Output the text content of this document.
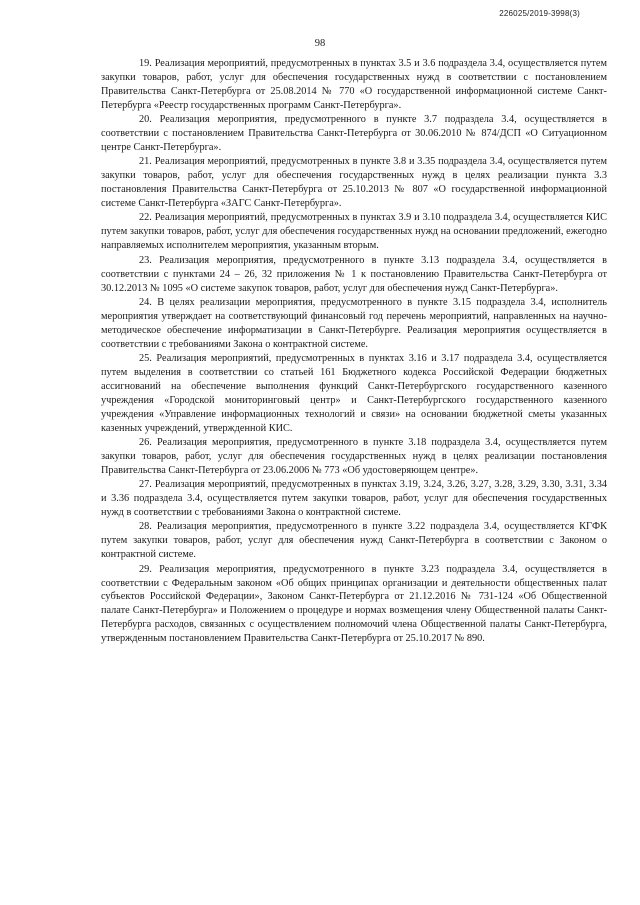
226025/2019-3998(3)
98

19. Реализация мероприятий, предусмотренных в пунктах 3.5 и 3.6 подраздела 3.4, осуществляется путем закупки товаров, работ, услуг для обеспечения государственных нужд в соответствии с постановлением Правительства Санкт-Петербурга от 25.08.2014 № 770 «О государственной информационной системе Санкт-Петербурга «Реестр государственных программ Санкт-Петербурга».

20. Реализация мероприятия, предусмотренного в пункте 3.7 подраздела 3.4, осуществляется в соответствии с постановлением Правительства Санкт-Петербурга от 30.06.2010 № 874/ДСП «О Ситуационном центре Санкт-Петербурга».

21. Реализация мероприятий, предусмотренных в пункте 3.8 и 3.35 подраздела 3.4, осуществляется путем закупки товаров, работ, услуг для обеспечения государственных нужд в целях реализации пункта 3.3 постановления Правительства Санкт-Петербурга от 25.10.2013 № 807 «О государственной информационной системе Санкт-Петербурга «ЗАГС Санкт-Петербурга».

22. Реализация мероприятий, предусмотренных в пунктах 3.9 и 3.10 подраздела 3.4, осуществляется КИС путем закупки товаров, работ, услуг для обеспечения государственных нужд на основании предложений, ежегодно направляемых исполнителем мероприятия, указанным вторым.

23. Реализация мероприятия, предусмотренного в пункте 3.13 подраздела 3.4, осуществляется в соответствии с пунктами 24 – 26, 32 приложения № 1 к постановлению Правительства Санкт-Петербурга от 30.12.2013 № 1095 «О системе закупок товаров, работ, услуг для обеспечения нужд Санкт-Петербурга».

24. В целях реализации мероприятия, предусмотренного в пункте 3.15 подраздела 3.4, исполнитель мероприятия утверждает на соответствующий финансовый год перечень мероприятий, направленных на научно-методическое обеспечение информатизации в Санкт-Петербурге. Реализация мероприятия осуществляется в соответствии с требованиями Закона о контрактной системе.

25. Реализация мероприятий, предусмотренных в пунктах 3.16 и 3.17 подраздела 3.4, осуществляется путем выделения в соответствии со статьей 161 Бюджетного кодекса Российской Федерации бюджетных ассигнований на обеспечение выполнения функций Санкт-Петербургского государственного казенного учреждения «Городской мониторинговый центр» и Санкт-Петербургского государственного казенного учреждения «Управление информационных технологий и связи» на основании бюджетной сметы указанных казенных учреждений, утвержденной КИС.

26. Реализация мероприятия, предусмотренного в пункте 3.18 подраздела 3.4, осуществляется путем закупки товаров, работ, услуг для обеспечения государственных нужд в целях реализации постановления Правительства Санкт-Петербурга от 23.06.2006 № 773 «Об удостоверяющем центре».

27. Реализация мероприятий, предусмотренных в пунктах 3.19, 3.24, 3.26, 3.27, 3.28, 3.29, 3.30, 3.31, 3.34 и 3.36 подраздела 3.4, осуществляется путем закупки товаров, работ, услуг для обеспечения государственных нужд в соответствии с требованиями Закона о контрактной системе.

28. Реализация мероприятия, предусмотренного в пункте 3.22 подраздела 3.4, осуществляется КГФК путем закупки товаров, работ, услуг для обеспечения нужд Санкт-Петербурга в соответствии с Законом о контрактной системе.

29. Реализация мероприятия, предусмотренного в пункте 3.23 подраздела 3.4, осуществляется в соответствии с Федеральным законом «Об общих принципах организации и деятельности общественных палат субъектов Российской Федерации», Законом Санкт-Петербурга от 21.12.2016 № 731-124 «Об Общественной палате Санкт-Петербурга» и Положением о процедуре и нормах возмещения члену Общественной палаты Санкт-Петербурга расходов, связанных с осуществлением полномочий члена Общественной палаты Санкт-Петербурга, утвержденным постановлением Правительства Санкт-Петербурга от 25.10.2017 № 890.
